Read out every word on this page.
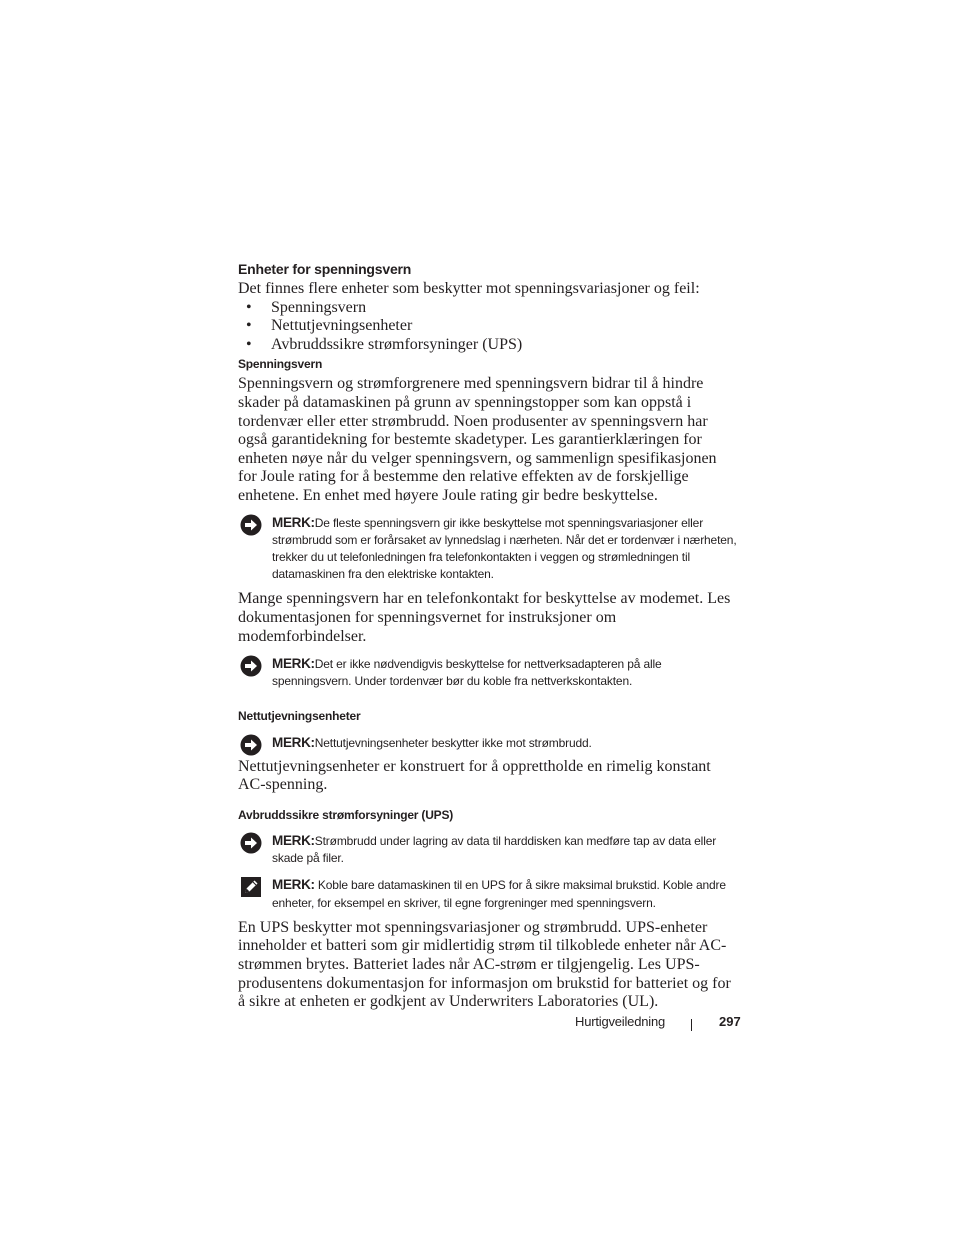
Enheter for spenningsvern

Det finnes flere enheter som beskytter mot spenningsvariasjoner og feil:

• Spenningsvern
• Nettutjevningsenheter
• Avbruddssikre strømforsyninger (UPS)
Spenningsvern

Spenningsvern og strømforgrenere med spenningsvern bidrar til å hindre skader på datamaskinen på grunn av spenningstopper som kan oppstå i tordenvær eller etter strømbrudd. Noen produsenter av spenningsvern har også garantidekning for bestemte skadetyper. Les garantierklæringen for enheten nøye når du velger spenningsvern, og sammenlign spesifikasjonen for Joule rating for å bestemme den relative effekten av de forskjellige enhetene. En enhet med høyere Joule rating gir bedre beskyttelse.

MERK:De fleste spenningsvern gir ikke beskyttelse mot spenningsvariasjoner eller strømbrudd som er forårsaket av lynnedslag i nærheten. Når det er tordenvær i nærheten, trekker du ut telefonledningen fra telefonkontakten i veggen og strømledningen til datamaskinen fra den elektriske kontakten.

Mange spenningsvern har en telefonkontakt for beskyttelse av modemet. Les dokumentasjonen for spenningsvernet for instruksjoner om modemforbindelser.

MERK:Det er ikke nødvendigvis beskyttelse for nettverksadapteren på alle spenningsvern. Under tordenvær bør du koble fra nettverkskontakten.
Nettutjevningsenheter
MERK:Nettutjevningsenheter beskytter ikke mot strømbrudd.

Nettutjevningsenheter er konstruert for å opprettholde en rimelig konstant AC-spenning.

Avbruddssikre strømforsyninger (UPS)
MERK:Strømbrudd under lagring av data til harddisken kan medføre tap av data eller skade på filer.
MERK: Koble bare datamaskinen til en UPS for å sikre maksimal brukstid. Koble andre enheter, for eksempel en skriver, til egne forgreninger med spenningsvern.

En UPS beskytter mot spenningsvariasjoner og strømbrudd. UPS-enheter inneholder et batteri som gir midlertidig strøm til tilkoblede enheter når AC-strømmen brytes. Batteriet lades når AC-strøm er tilgjengelig. Les UPS-produsentens dokumentasjon for informasjon om brukstid for batteriet og for å sikre at enheten er godkjent av Underwriters Laboratories (UL).

Hurtigveiledning	297
